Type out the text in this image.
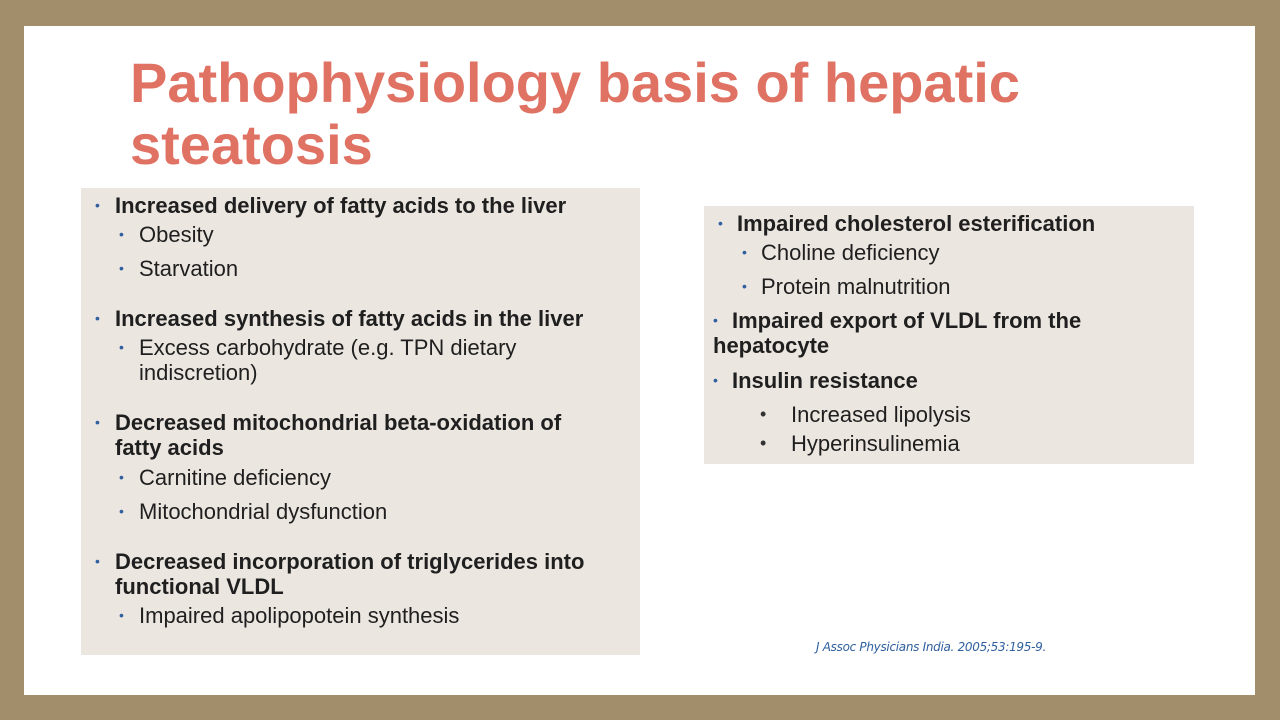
Pathophysiology basis of hepatic
steatosis
• Increased delivery of fatty acids to the liver
• Obesity
• Starvation
• Increased synthesis of fatty acids in the liver
• Excess carbohydrate (e.g. TPN dietary
indiscretion)
• Decreased mitochondrial beta-oxidation of
fatty acids
• Carnitine deficiency
• Mitochondrial dysfunction
• Decreased incorporation of triglycerides into
functional VLDL
• Impaired apolipopotein synthesis
• Impaired cholesterol esterification
• Choline deficiency
• Protein malnutrition
• Impaired export of VLDL from the
hepatocyte
• Insulin resistance
• Increased lipolysis
• Hyperinsulinemia
J Assoc Physicians India. 2005;53:195-9.
